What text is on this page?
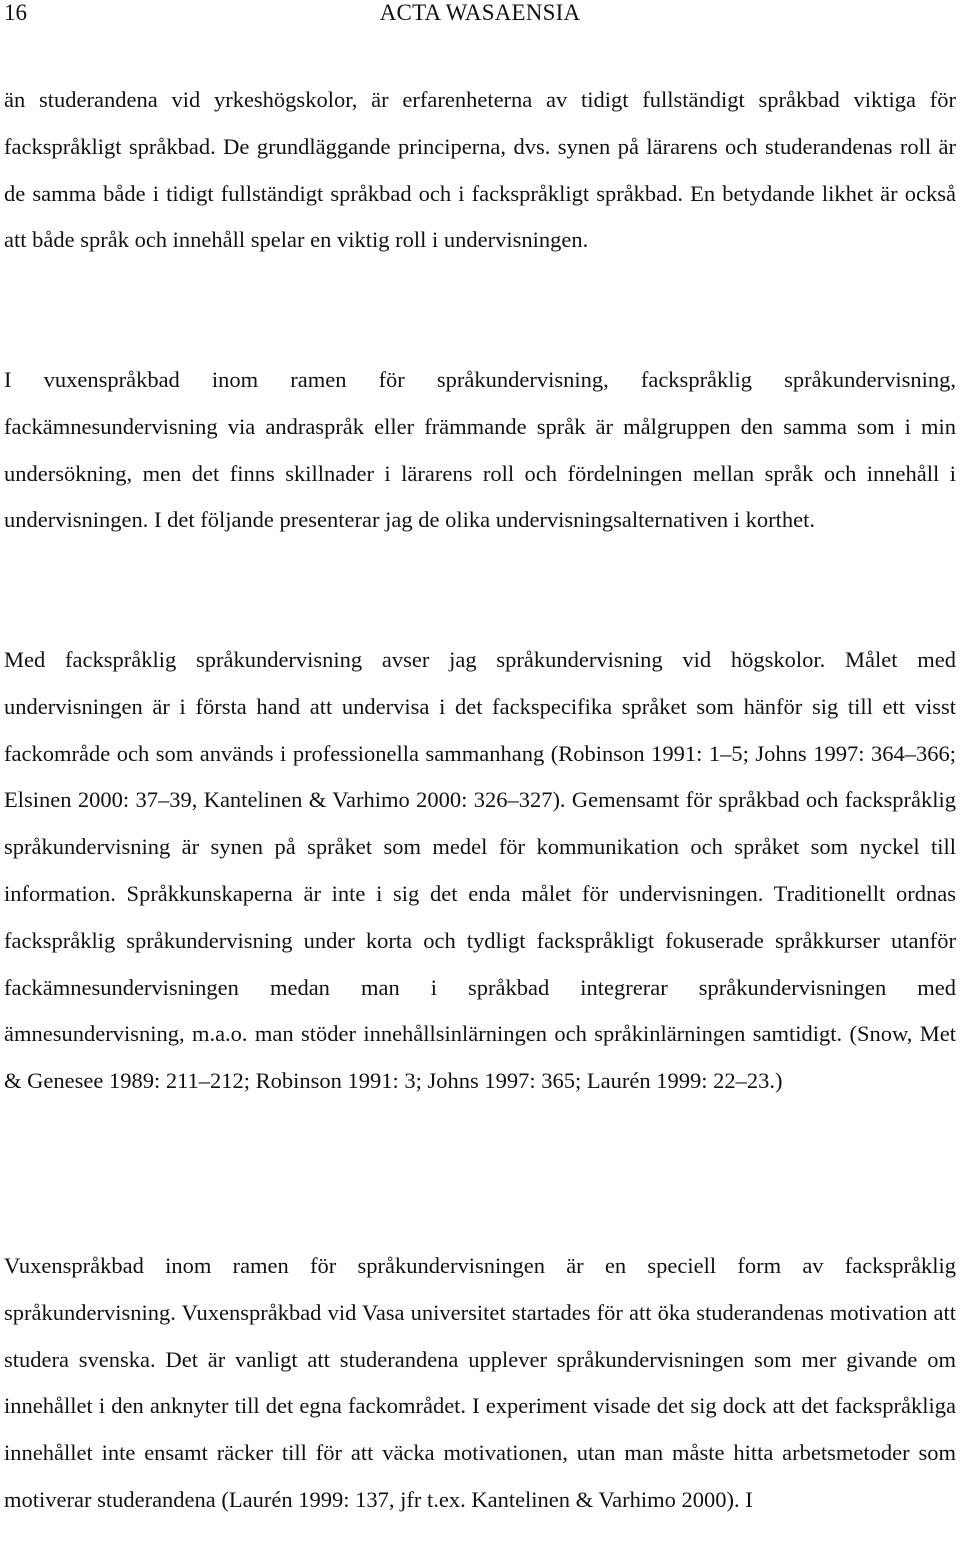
16	ACTA WASAENSIA

än studerandena vid yrkeshögskolor, är erfarenheterna av tidigt fullständigt språkbad viktiga för fackspråkligt språkbad. De grundläggande principerna, dvs. synen på lärarens och studerandenas roll är de samma både i tidigt fullständigt språkbad och i fackspråkligt språkbad. En betydande likhet är också att både språk och innehåll spelar en viktig roll i undervisningen.

I vuxenspråkbad inom ramen för språkundervisning, fackspråklig språkundervisning, fackämnesundervisning via andraspråk eller främmande språk är målgruppen den samma som i min undersökning, men det finns skillnader i lärarens roll och fördelningen mellan språk och innehåll i undervisningen. I det följande presenterar jag de olika undervisningsalternativen i korthet.

Med fackspråklig språkundervisning avser jag språkundervisning vid högskolor. Målet med undervisningen är i första hand att undervisa i det fackspecifika språket som hänför sig till ett visst fackområde och som används i professionella sammanhang (Robinson 1991: 1–5; Johns 1997: 364–366; Elsinen 2000: 37–39, Kantelinen & Varhimo 2000: 326–327). Gemensamt för språkbad och fackspråklig språkundervisning är synen på språket som medel för kommunikation och språket som nyckel till information. Språkkunskaperna är inte i sig det enda målet för undervisningen. Traditionellt ordnas fackspråklig språkundervisning under korta och tydligt fackspråkligt fokuserade språkkurser utanför fackämnesundervisningen medan man i språkbad integrerar språkundervisningen med ämnesundervisning, m.a.o. man stöder innehållsinlärningen och språkinlärningen samtidigt. (Snow, Met & Genesee 1989: 211–212; Robinson 1991: 3; Johns 1997: 365; Laurén 1999: 22–23.)

Vuxenspråkbad inom ramen för språkundervisningen är en speciell form av fackspråklig språkundervisning. Vuxenspråkbad vid Vasa universitet startades för att öka studerandenas motivation att studera svenska. Det är vanligt att studerandena upplever språkundervisningen som mer givande om innehållet i den anknyter till det egna fackområdet. I experiment visade det sig dock att det fackspråkliga innehållet inte ensamt räcker till för att väcka motivationen, utan man måste hitta arbetsmetoder som motiverar studerandena (Laurén 1999: 137, jfr t.ex. Kantelinen & Varhimo 2000). I
